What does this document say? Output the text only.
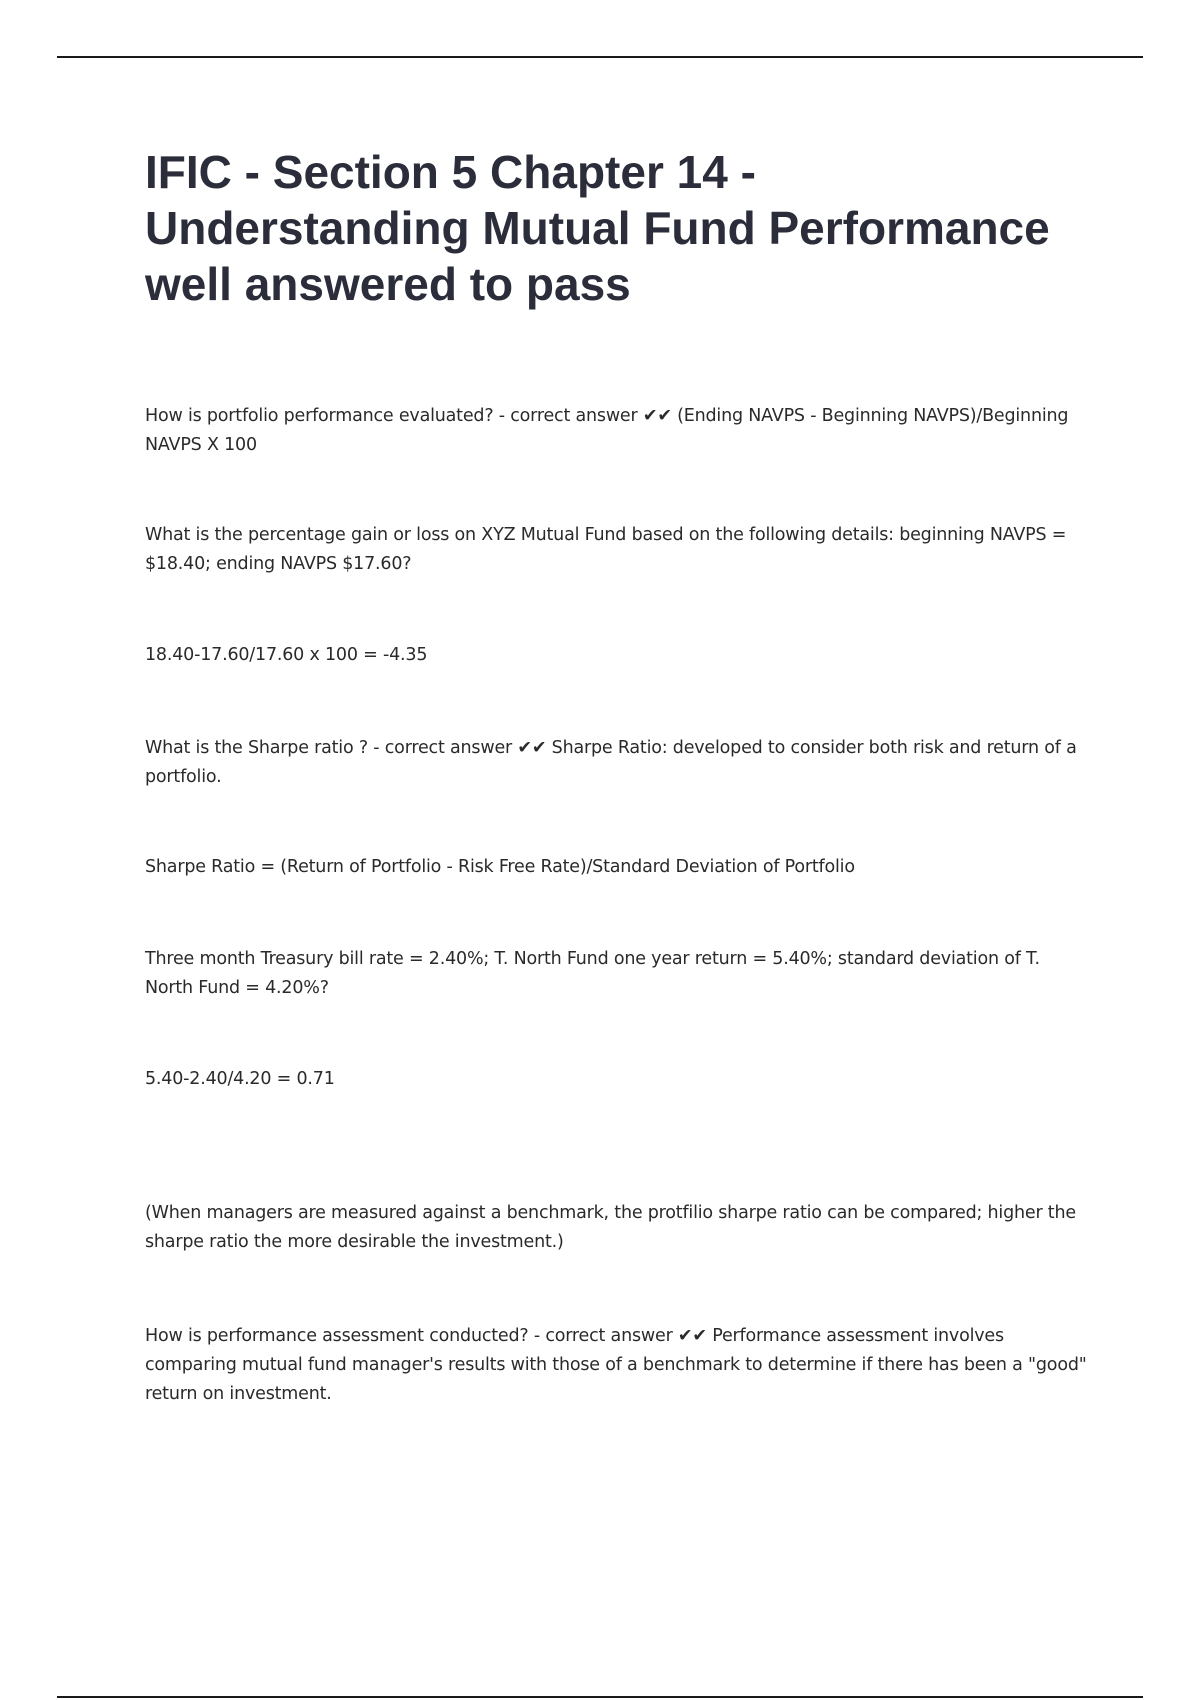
IFIC - Section 5 Chapter 14 - Understanding Mutual Fund Performance well answered to pass

How is portfolio performance evaluated? - correct answer ✔✔ (Ending NAVPS - Beginning NAVPS)/Beginning NAVPS X 100

What is the percentage gain or loss on XYZ Mutual Fund based on the following details: beginning NAVPS = $18.40; ending NAVPS $17.60?

18.40-17.60/17.60 x 100 = -4.35

What is the Sharpe ratio ? - correct answer ✔✔ Sharpe Ratio: developed to consider both risk and return of a portfolio.

Sharpe Ratio = (Return of Portfolio - Risk Free Rate)/Standard Deviation of Portfolio

Three month Treasury bill rate = 2.40%; T. North Fund one year return = 5.40%; standard deviation of T. North Fund = 4.20%?

5.40-2.40/4.20 = 0.71

(When managers are measured against a benchmark, the protfilio sharpe ratio can be compared; higher the sharpe ratio the more desirable the investment.)

How is performance assessment conducted? - correct answer ✔✔ Performance assessment involves comparing mutual fund manager's results with those of a benchmark to determine if there has been a "good" return on investment.
